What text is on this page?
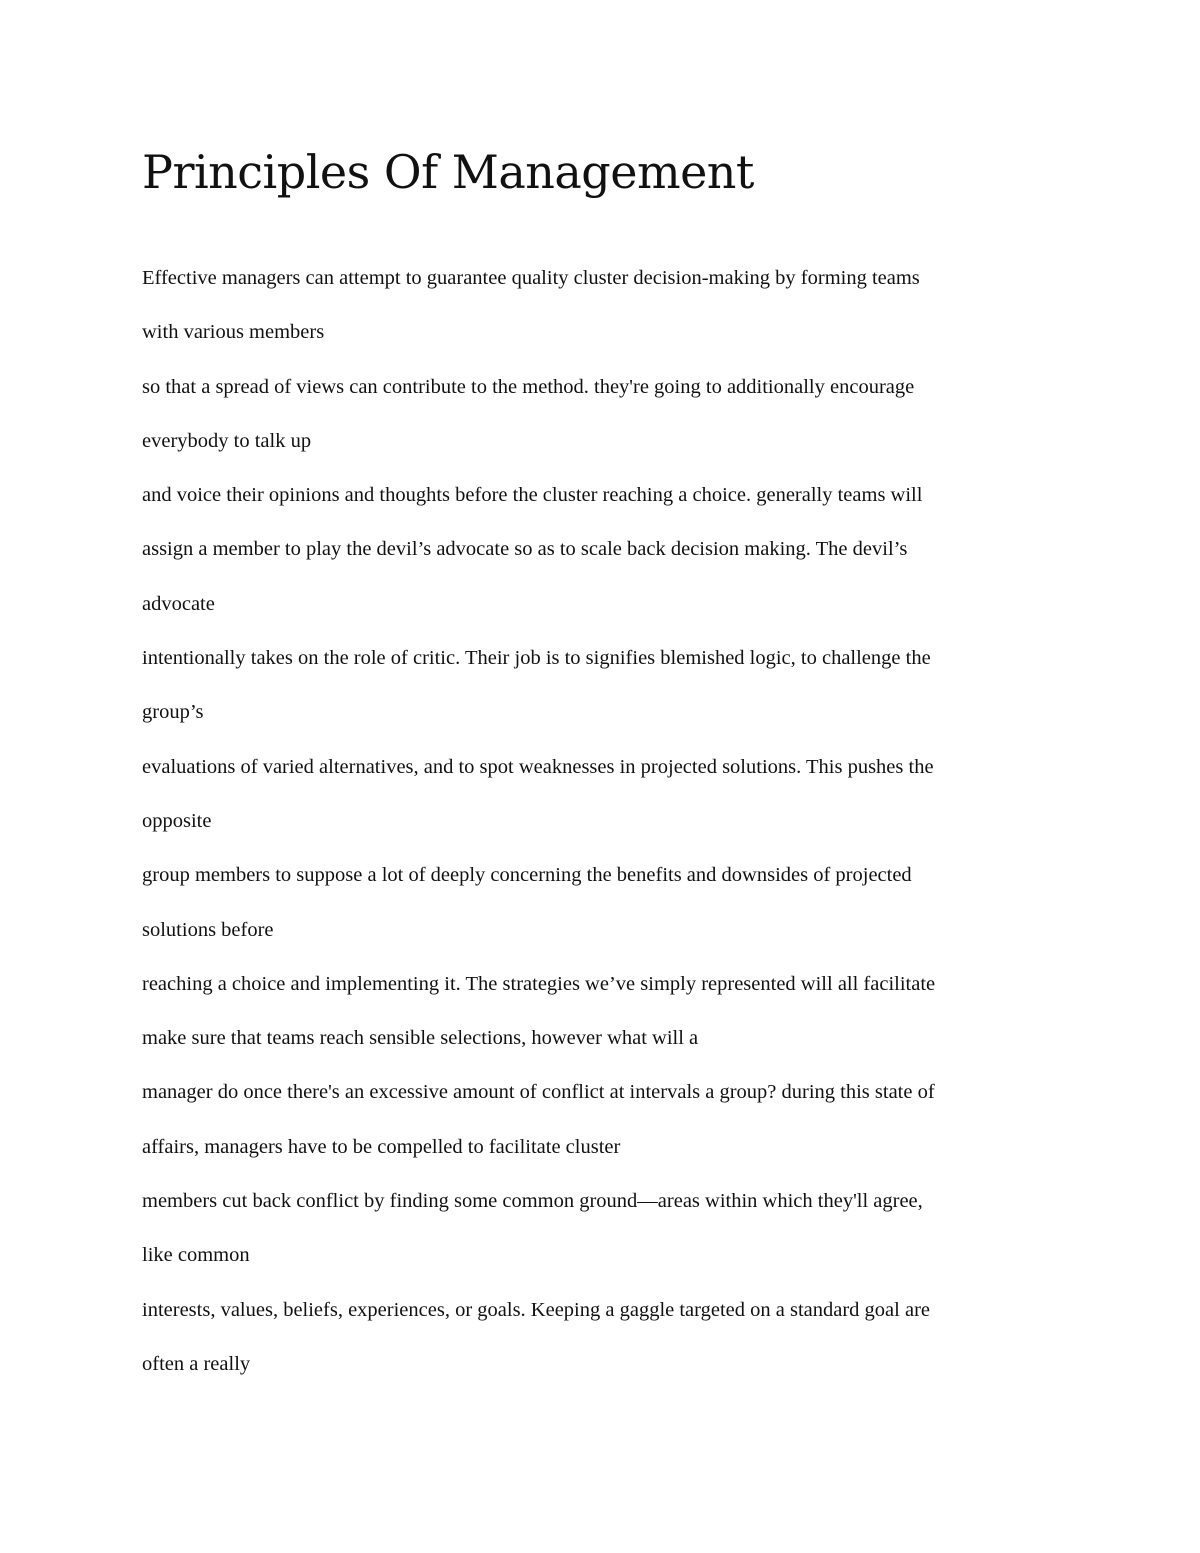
Principles Of Management
Effective managers can attempt to guarantee quality cluster decision-making by forming teams
with various members
so that a spread of views can contribute to the method. they're going to additionally encourage
everybody to talk up
and voice their opinions and thoughts before the cluster reaching a choice. generally teams will
assign a member to play the devil’s advocate so as to scale back decision making. The devil’s
advocate
intentionally takes on the role of critic. Their job is to signifies blemished logic, to challenge the
group’s
evaluations of varied alternatives, and to spot weaknesses in projected solutions. This pushes the
opposite
group members to suppose a lot of deeply concerning the benefits and downsides of projected
solutions before
reaching a choice and implementing it. The strategies we’ve simply represented will all facilitate
make sure that teams reach sensible selections, however what will a
manager do once there's an excessive amount of conflict at intervals a group? during this state of
affairs, managers have to be compelled to facilitate cluster
members cut back conflict by finding some common ground—areas within which they'll agree,
like common
interests, values, beliefs, experiences, or goals. Keeping a gaggle targeted on a standard goal are
often a really
